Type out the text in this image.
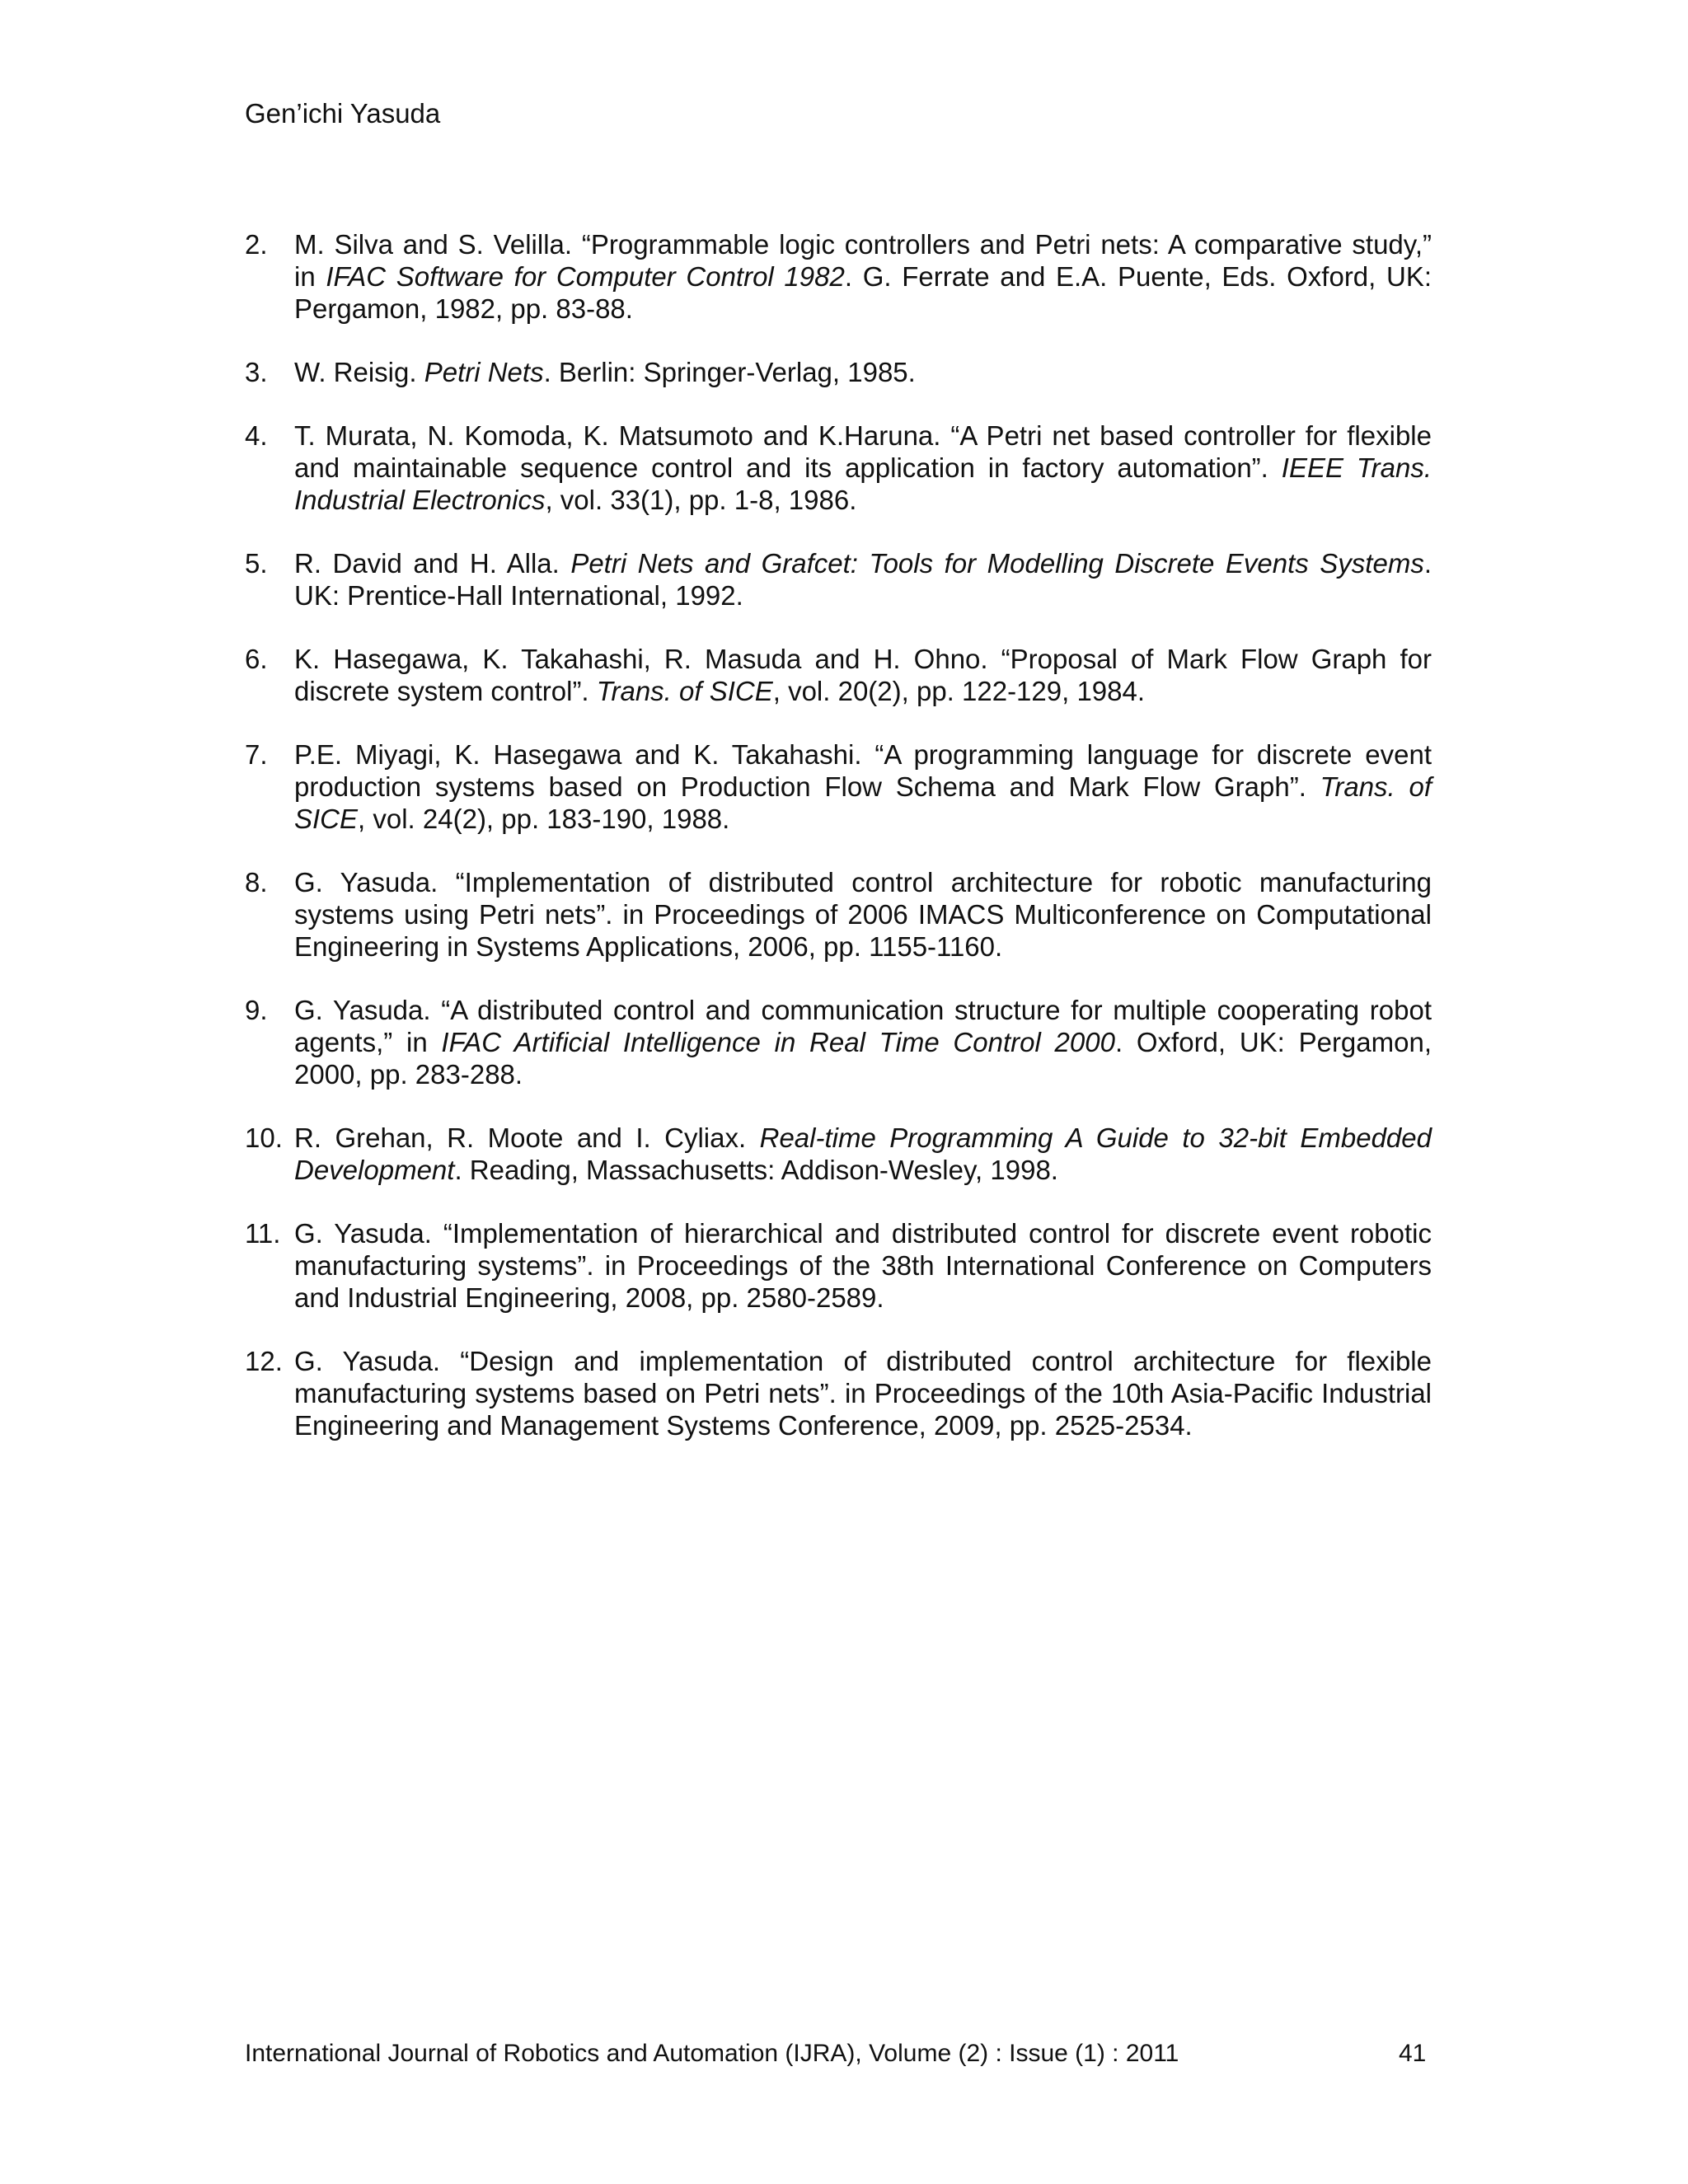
Gen’ichi Yasuda
2. M. Silva and S. Velilla. “Programmable logic controllers and Petri nets: A comparative study,” in IFAC Software for Computer Control 1982. G. Ferrate and E.A. Puente, Eds. Oxford, UK: Pergamon, 1982, pp. 83-88.
3. W. Reisig. Petri Nets. Berlin: Springer-Verlag, 1985.
4. T. Murata, N. Komoda, K. Matsumoto and K.Haruna. “A Petri net based controller for flexible and maintainable sequence control and its application in factory automation”. IEEE Trans. Industrial Electronics, vol. 33(1), pp. 1-8, 1986.
5. R. David and H. Alla. Petri Nets and Grafcet: Tools for Modelling Discrete Events Systems. UK: Prentice-Hall International, 1992.
6. K. Hasegawa, K. Takahashi, R. Masuda and H. Ohno. “Proposal of Mark Flow Graph for discrete system control”. Trans. of SICE, vol. 20(2), pp. 122-129, 1984.
7. P.E. Miyagi, K. Hasegawa and K. Takahashi. “A programming language for discrete event production systems based on Production Flow Schema and Mark Flow Graph”. Trans. of SICE, vol. 24(2), pp. 183-190, 1988.
8. G. Yasuda. “Implementation of distributed control architecture for robotic manufacturing systems using Petri nets”. in Proceedings of 2006 IMACS Multiconference on Computational Engineering in Systems Applications, 2006, pp. 1155-1160.
9. G. Yasuda. “A distributed control and communication structure for multiple cooperating robot agents,” in IFAC Artificial Intelligence in Real Time Control 2000. Oxford, UK: Pergamon, 2000, pp. 283-288.
10. R. Grehan, R. Moote and I. Cyliax. Real-time Programming A Guide to 32-bit Embedded Development. Reading, Massachusetts: Addison-Wesley, 1998.
11. G. Yasuda. “Implementation of hierarchical and distributed control for discrete event robotic manufacturing systems”. in Proceedings of the 38th International Conference on Computers and Industrial Engineering, 2008, pp. 2580-2589.
12. G. Yasuda. “Design and implementation of distributed control architecture for flexible manufacturing systems based on Petri nets”. in Proceedings of the 10th Asia-Pacific Industrial Engineering and Management Systems Conference, 2009, pp. 2525-2534.
International Journal of Robotics and Automation (IJRA), Volume (2) : Issue (1) : 2011	41
